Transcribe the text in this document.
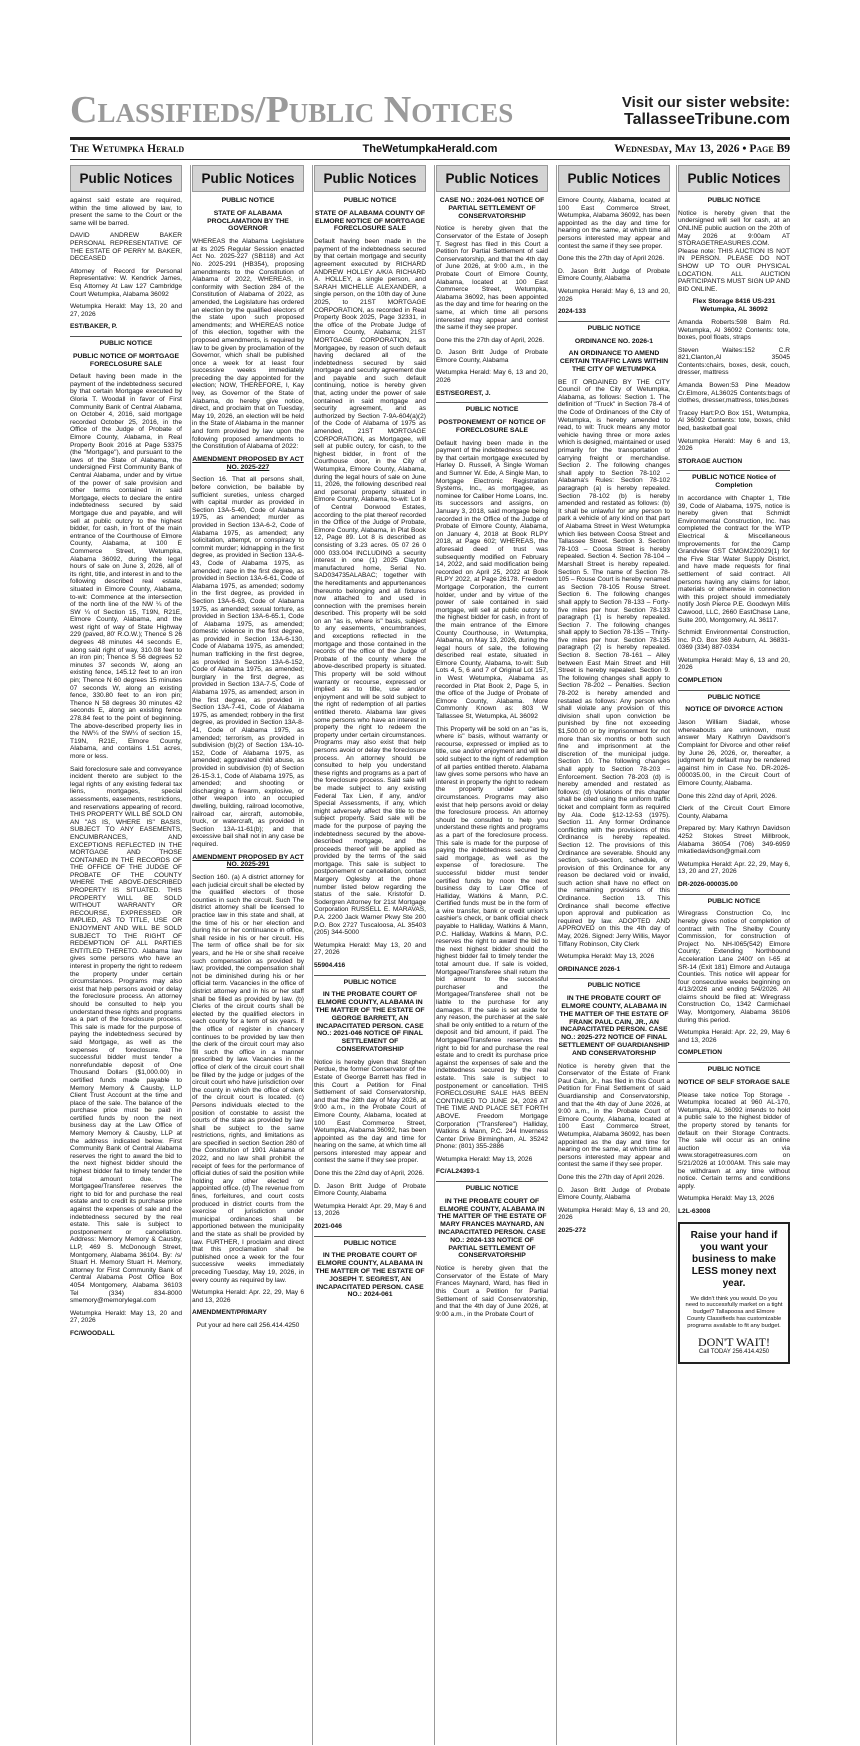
Classifieds/Public Notices	Visit our sister website:
TallasseeTribune.com
TheWetumpkaHerald.com
The Wetumpka Herald	Wednesday, May 13, 2026 • Page B9
Public Notices
against said estate are required, within the time allowed by law, to present the same to the Court or the same will be barred.
DAVID ANDREW BAKER PERSONAL REPRESENTATIVE OF THE ESTATE OF PERRY M. BAKER, DECEASED
Attorney of Record for Personal Representative: W. Kendrick James, Esq Attorney At Law 127 Cambridge Court Wetumpka, Alabama 36092
Wetumpka Herald: May 13, 20 and 27, 2026
EST/BAKER, P.
PUBLIC NOTICE
PUBLIC NOTICE OF MORTGAGE FORECLOSURE SALE
Default having been made in the payment of the indebtedness secured by that certain Mortgage executed by Gloria T. Woodall in favor of First Community Bank of Central Alabama, on October 4, 2016, said mortgage recorded October 25, 2016, in the Office of the Judge of Probate of Elmore County, Alabama, in Real Property Book 2016 at Page 53375 (the "Mortgage"), and pursuant to the laws of the State of Alabama, the undersigned First Community Bank of Central Alabama, under and by virtue of the power of sale provision and other terms contained in said Mortgage, elects to declare the entire indebtedness secured by said Mortgage due and payable, and will sell at public outcry to the highest bidder, for cash, in front of the main entrance of the Courthouse of Elmore County, Alabama, at 100 E Commerce Street, Wetumpka, Alabama 36092, during the legal hours of sale on June 3, 2026, all of its right, title, and interest in and to the following described real estate, situated in Elmore County, Alabama, to-wit: Commence at the intersection of the north line of the NW ¼ of the SW ¼ of Section 15, T19N, R21E, Elmore County, Alabama, and the west right of way of State Highway 229 (paved, 80' R.O.W.); Thence S 26 degrees 48 minutes 44 seconds E, along said right of way, 310.08 feet to an iron pin; Thence S 56 degrees 52 minutes 37 seconds W, along an existing fence, 145.12 feet to an iron pin; Thence N 60 degrees 15 minutes 07 seconds W, along an existing fence, 330.80 feet to an iron pin; Thence N 58 degrees 30 minutes 42 seconds E, along an existing fence 278.84 feet to the point of beginning. The above-described property lies in the NW¼ of the SW¼ of section 15, T19N, R21E, Elmore County, Alabama, and contains 1.51 acres, more or less.
Said foreclosure sale and conveyance incident thereto are subject to the legal rights of any existing federal tax liens, mortgages, special assessments, easements, restrictions, and reservations appearing of record. THIS PROPERTY WILL BE SOLD ON AN "AS IS, WHERE IS" BASIS, SUBJECT TO ANY EASEMENTS, ENCUMBRANCES, AND EXCEPTIONS REFLECTED IN THE MORTGAGE AND THOSE CONTAINED IN THE RECORDS OF THE OFFICE OF THE JUDGE OF PROBATE OF THE COUNTY WHERE THE ABOVE-DESCRIBED PROPERTY IS SITUATED. THIS PROPERTY WILL BE SOLD WITHOUT WARRANTY OR RECOURSE, EXPRESSED OR IMPLIED, AS TO TITLE, USE OR ENJOYMENT AND WILL BE SOLD SUBJECT TO THE RIGHT OF REDEMPTION OF ALL PARTIES ENTITLED THERETO. Alabama law gives some persons who have an interest in property the right to redeem the property under certain circumstances. Programs may also exist that help persons avoid or delay the foreclosure process. An attorney should be consulted to help you understand these rights and programs as a part of the foreclosure process. This sale is made for the purpose of paying the indebtedness secured by said Mortgage, as well as the expenses of foreclosure. The successful bidder must tender a nonrefundable deposit of One Thousand Dollars ($1,000.00) in certified funds made payable to Memory Memory & Causby, LLP Client Trust Account at the time and place of the sale. The balance of the purchase price must be paid in certified funds by noon the next business day at the Law Office of Memory Memory & Causby, LLP at the address indicated below. First Community Bank of Central Alabama reserves the right to award the bid to the next highest bidder should the highest bidder fail to timely tender the total amount due. The Mortgagee/Transferee reserves the right to bid for and purchase the real estate and to credit its purchase price against the expenses of sale and the indebtedness secured by the real estate. This sale is subject to postponement or cancellation. Address: Memory Memory & Causby, LLP, 469 S. McDonough Street, Montgomery, Alabama 36104. By: /s/ Stuart H. Memory Stuart H. Memory, attorney for First Community Bank of Central Alabama Post Office Box 4054 Montgomery, Alabama 36103 Tel (334) 834-8000 smemory@memorylegal.com
Wetumpka Herald: May 13, 20 and 27, 2026
FC/WOODALL
Public Notices
PUBLIC NOTICE
STATE OF ALABAMA PROCLAMATION BY THE GOVERNOR
WHEREAS the Alabama Legislature at its 2025 Regular Session enacted Act No. 2025-227 (SB118) and Act No. 2025-291 (HB354), proposing amendments to the Constitution of Alabama of 2022, WHEREAS, in conformity with Section 284 of the Constitution of Alabama of 2022, as amended, the Legislature has ordered an election by the qualified electors of the state upon such proposed amendments; and WHEREAS notice of this election, together with the proposed amendments, is required by law to be given by proclamation of the Governor, which shall be published once a week for at least four successive weeks immediately preceding the day appointed for the election; NOW, THEREFORE, I, Kay Ivey, as Governor of the State of Alabama, do hereby give notice, direct, and proclaim that on Tuesday, May 19, 2026, an election will be held in the State of Alabama in the manner and form provided by law upon the following proposed amendments to the Constitution of Alabama of 2022:
AMENDMENT PROPOSED BY ACT NO. 2025-227
Section 16. That all persons shall, before conviction, be bailable by sufficient sureties, unless charged with capital murder as provided in Section 13A-5-40, Code of Alabama 1975, as amended; murder as provided in Section 13A-6-2, Code of Alabama 1975, as amended; any solicitation, attempt, or conspiracy to commit murder; kidnapping in the first degree, as provided in Section 13A-6-43, Code of Alabama 1975, as amended; rape in the first degree, as provided in Section 13A-6-61, Code of Alabama 1975, as amended; sodomy in the first degree, as provided in Section 13A-6-63, Code of Alabama 1975, as amended; sexual torture, as provided in Section 13A-6-65.1, Code of Alabama 1975, as amended; domestic violence in the first degree, as provided in Section 13A-6-130, Code of Alabama 1975, as amended; human trafficking in the first degree, as provided in Section 13A-6-152, Code of Alabama 1975, as amended; burglary in the first degree, as provided in Section 13A-7-5, Code of Alabama 1975, as amended; arson in the first degree, as provided in Section 13A-7-41, Code of Alabama 1975, as amended; robbery in the first degree, as provided in Section 13A-8-41, Code of Alabama 1975, as amended; terrorism, as provided in subdivision (b)(2) of Section 13A-10-152, Code of Alabama 1975, as amended; aggravated child abuse, as provided in subdivision (b) of Section 26-15-3.1, Code of Alabama 1975, as amended; and shooting or discharging a firearm, explosive, or other weapon into an occupied dwelling, building, railroad locomotive, railroad car, aircraft, automobile, truck, or watercraft, as provided in Section 13A-11-61(b); and that excessive bail shall not in any case be required.
AMENDMENT PROPOSED BY ACT NO. 2025-291
Section 160. (a) A district attorney for each judicial circuit shall be elected by the qualified electors of those counties in such the circuit. Such The district attorney shall be licensed to practice law in this state and shall, at the time of his or her election and during his or her continuance in office, shall reside in his or her circuit. His The term of office shall be for six years, and he He or she shall receive such compensation as provided by law; provided, the compensation shall not be diminished during his or her official term. Vacancies in the office of district attorney and in his or her staff shall be filled as provided by law. (b) Clerks of the circuit courts shall be elected by the qualified electors in each county for a term of six years. If the office of register in chancery continues to be provided by law then the clerk of the circuit court may also fill such the office in a manner prescribed by law. Vacancies in the office of clerk of the circuit court shall be filled by the judge or judges of the circuit court who have jurisdiction over the county in which the office of clerk of the circuit court is located. (c) Persons individuals elected to the position of constable to assist the courts of the state as provided by law shall be subject to the same restrictions, rights, and limitations as are specified in section Section 280 of the Constitution of 1901 Alabama of 2022, and no law shall prohibit the receipt of fees for the performance of official duties of said the position while holding any other elected or appointed office. (d) The revenue from fines, forfeitures, and court costs produced in district courts from the exercise of jurisdiction under municipal ordinances shall be apportioned between the municipality and the state as shall be provided by law. FURTHER, I proclaim and direct that this proclamation shall be published once a week for the four successive weeks immediately preceding Tuesday, May 19, 2026, in every county as required by law.
Wetumpka Herald: Apr. 22, 29, May 6 and 13, 2026
AMENDMENT/PRIMARY
Put your ad here call 256.414.4250
Public Notices
PUBLIC NOTICE
STATE OF ALABAMA COUNTY OF ELMORE NOTICE OF MORTGAGE FORECLOSURE SALE
Default having been made in the payment of the indebtedness secured by that certain mortgage and security agreement executed by RICHARD ANDREW HOLLEY A/K/A RICHARD A. HOLLEY, a single person, and SARAH MICHELLE ALEXANDER, a single person, on the 10th day of June 2025, to 21ST MORTGAGE CORPORATION, as recorded in Real Property Book 2025, Page 32331, in the office of the Probate Judge of Elmore County, Alabama; 21ST MORTGAGE CORPORATION, as Mortgagee, by reason of such default having declared all of the indebtedness secured by said mortgage and security agreement due and payable and such default continuing, notice is hereby given that, acting under the power of sale contained in said mortgage and security agreement, and as authorized by Section 7-9A-604(a)(2) of the Code of Alabama of 1975 as amended, 21ST MORTGAGE CORPORATION, as Mortgagee, will sell at public outcry, for cash, to the highest bidder, in front of the Courthouse door, in the City of Wetumpka, Elmore County, Alabama, during the legal hours of sale on June 11, 2026, the following described real and personal property situated in Elmore County, Alabama, to-wit: Lot 8 of Central Dorwood Estates, according to the plat thereof recorded in the Office of the Judge of Probate, Elmore County, Alabama, in Plat Book 12, Page 89. Lot 8 is described as consisting of 3.23 acres. 05 07 26 0 000 033.004 INCLUDING a security interest in one (1) 2025 Clayton manufactured home, Serial No. SAD034735ALABAC; together with the hereditaments and appurtenances thereunto belonging and all fixtures now attached to and used in connection with the premises herein described. This property will be sold on an "as is, where is" basis, subject to any easements, encumbrances, and exceptions reflected in the mortgage and those contained in the records of the office of the Judge of Probate of the county where the above-described property is situated. This property will be sold without warranty or recourse, expressed or implied as to title, use and/or enjoyment and will be sold subject to the right of redemption of all parties entitled thereto. Alabama law gives some persons who have an interest in property the right to redeem the property under certain circumstances. Programs may also exist that help persons avoid or delay the foreclosure process. An attorney should be consulted to help you understand these rights and programs as a part of the foreclosure process. Said sale will be made subject to any existing Federal Tax Lien, if any, and/or Special Assessments, if any, which might adversely affect the title to the subject property. Said sale will be made for the purpose of paying the indebtedness secured by the above-described mortgage, and the proceeds thereof will be applied as provided by the terms of the said mortgage. This sale is subject to postponement or cancellation, contact Margery Oglesby at the phone number listed below regarding the status of the sale. Kristofor D. Sodergren Attorney for 21st Mortgage Corporation RUSSELL E. MARAVAS, P.A. 2200 Jack Warner Pkwy Ste 200 P.O. Box 2727 Tuscaloosa, AL 35403 (205) 344-5000
Wetumpka Herald: May 13, 20 and 27, 2026
55904.416
PUBLIC NOTICE
IN THE PROBATE COURT OF ELMORE COUNTY, ALABAMA IN THE MATTER OF THE ESTATE OF GEORGE BARRETT, AN INCAPACITATED PERSON. CASE NO.: 2021-046 NOTICE OF FINAL SETTLEMENT OF CONSERVATORSHIP
Notice is hereby given that Stephen Perdue, the former Conservator of the Estate of George Barrett has filed in this Court a Petition for Final Settlement of said Conservatorship, and that the 28th day of May 2026, at 9:00 a.m., in the Probate Court of Elmore County, Alabama, located at 100 East Commerce Street, Wetumpka, Alabama 36092, has been appointed as the day and time for hearing on the same, at which time all persons interested may appear and contest the same if they see proper.
Done this the 22nd day of April, 2026.
D. Jason Britt Judge of Probate Elmore County, Alabama
Wetumpka Herald: Apr. 29, May 6 and 13, 2026
2021-046
PUBLIC NOTICE
IN THE PROBATE COURT OF ELMORE COUNTY, ALABAMA IN THE MATTER OF THE ESTATE OF JOSEPH T. SEGREST, AN INCAPACITATED PERSON. CASE NO.: 2024-061
Public Notices
CASE NO.: 2024-061 NOTICE OF PARTIAL SETTLEMENT OF CONSERVATORSHIP
Notice is hereby given that the Conservator of the Estate of Joseph T. Segrest has filed in this Court a Petition for Partial Settlement of said Conservatorship, and that the 4th day of June 2026, at 9:00 a.m., in the Probate Court of Elmore County, Alabama, located at 100 East Commerce Street, Wetumpka, Alabama 36092, has been appointed as the day and time for hearing on the same, at which time all persons interested may appear and contest the same if they see proper.
Done this the 27th day of April, 2026.
D. Jason Britt Judge of Probate Elmore County, Alabama
Wetumpka Herald: May 6, 13 and 20, 2026
EST/SEGREST, J.
PUBLIC NOTICE
POSTPONEMENT OF NOTICE OF FORECLOSURE SALE
Default having been made in the payment of the indebtedness secured by that certain mortgage executed by Harley D. Russell, A Single Woman and Sumner W. Ede, A Single Man, to Mortgage Electronic Registration Systems, Inc., as mortgagee, as nominee for Caliber Home Loans, Inc. its successors and assigns, on January 3, 2018, said mortgage being recorded in the Office of the Judge of Probate of Elmore County, Alabama, on January 4, 2018 at Book RLPY 2018, at Page 602; WHEREAS, the aforesaid deed of trust was subsequently modified on February 14, 2022, and said modification being recorded on April 25, 2022 at Book RLPY 2022, at Page 26178. Freedom Mortgage Corporation, the current holder, under and by virtue of the power of sale contained in said mortgage, will sell at public outcry to the highest bidder for cash, in front of the main entrance of the Elmore County Courthouse, in Wetumpka, Alabama, on May 13, 2026, during the legal hours of sale, the following described real estate, situated in Elmore County, Alabama, to-wit: Sub Lots 4, 5, 6 and 7 of Original Lot 157, in West Wetumpka, Alabama as recorded in Plat Book 2, Page 5, in the office of the Judge of Probate of Elmore County, Alabama. More Commonly Known as: 803 W Tallassee St, Wetumpka, AL 36092
This Property will be sold on an "as is, where is" basis, without warranty or recourse, expressed or implied as to title, use and/or enjoyment and will be sold subject to the right of redemption of all parties entitled thereto. Alabama law gives some persons who have an interest in property the right to redeem the property under certain circumstances. Programs may also exist that help persons avoid or delay the foreclosure process. An attorney should be consulted to help you understand these rights and programs as a part of the foreclosure process. This sale is made for the purpose of paying the indebtedness secured by said mortgage, as well as the expense of foreclosure. The successful bidder must tender certified funds by noon the next business day to Law Office of Halliday, Watkins & Mann, P.C. Certified funds must be in the form of a wire transfer, bank or credit union's cashier's check, or bank official check payable to Halliday, Watkins & Mann, P.C. Halliday, Watkins & Mann, P.C. reserves the right to award the bid to the next highest bidder should the highest bidder fail to timely tender the total amount due. If sale is voided, Mortgagee/Transferee shall return the bid amount to the successful purchaser and the Mortgagee/Transferee shall not be liable to the purchase for any damages. If the sale is set aside for any reason, the purchaser at the sale shall be only entitled to a return of the deposit and bid amount, if paid. The Mortgagee/Transferee reserves the right to bid for and purchase the real estate and to credit its purchase price against the expenses of sale and the indebtedness secured by the real estate. This sale is subject to postponement or cancellation. THIS FORECLOSURE SALE HAS BEEN CONTINUED TO JUNE 24, 2026 AT THE TIME AND PLACE SET FORTH ABOVE. Freedom Mortgage Corporation ("Transferee") Halliday, Watkins & Mann, P.C. 244 Inverness Center Drive Birmingham, AL 35242 Phone: (801) 355-2886
Wetumpka Herald: May 13, 2026
FC/AL24393-1
PUBLIC NOTICE
IN THE PROBATE COURT OF ELMORE COUNTY, ALABAMA IN THE MATTER OF THE ESTATE OF MARY FRANCES MAYNARD, AN INCAPACITATED PERSON. CASE NO.: 2024-133 NOTICE OF PARTIAL SETTLEMENT OF CONSERVATORSHIP
Notice is hereby given that the Conservator of the Estate of Mary Frances Maynard, Ward, has filed in this Court a Petition for Partial Settlement of said Conservatorship, and that the 4th day of June 2026, at 9:00 a.m., in the Probate Court of
Public Notices
Elmore County, Alabama, located at 100 East Commerce Street, Wetumpka, Alabama 36092, has been appointed as the day and time for hearing on the same, at which time all persons interested may appear and contest the same if they see proper.
Done this the 27th day of April 2026.
D. Jason Britt Judge of Probate Elmore County, Alabama
Wetumpka Herald: May 6, 13 and 20, 2026
2024-133
PUBLIC NOTICE
ORDINANCE NO. 2026-1
AN ORDINANCE TO AMEND CERTAIN TRAFFIC LAWS WITHIN THE CITY OF WETUMPKA
BE IT ORDAINED BY THE CITY Council of the City of Wetumpka, Alabama, as follows: Section 1. The definition of "Truck" in Section 78-4 of the Code of Ordinances of the City of Wetumpka, is hereby amended to read, to wit: Truck means any motor vehicle having three or more axles which is designed, maintained or used primarily for the transportation of carrying freight or merchandise. Section 2. The following changes shall apply to Section 78-102 – Alabama's Rules: Section 78-102 paragraph (a) is hereby repealed. Section 78-102 (b) is hereby amended and restated as follows: (b) It shall be unlawful for any person to park a vehicle of any kind on that part of Alabama Street in West Wetumpka which lies between Coosa Street and Tallassee Street. Section 3. Section 78-103 – Coosa Street is hereby repealed. Section 4. Section 78-104 – Marshall Street is hereby repealed. Section 5. The name of Section 78-105 – Rouse Court is hereby renamed as Section 78-105 Rouse Street. Section 6. The following changes shall apply to Section 78-133 – Forty-five miles per hour. Section 78-133 paragraph (1) is hereby repealed. Section 7. The following changes shall apply to Section 78-135 – Thirty-five miles per hour. Section 78-135 paragraph (2) is hereby repealed. Section 8. Section 78-161 – Alley between East Main Street and Hill Street is hereby repealed. Section 9. The following changes shall apply to Section 78-202 – Penalties. Section 78-202 is hereby amended and restated as follows: Any person who shall violate any provision of this division shall upon conviction be punished by fine not exceeding $1,500.00 or by imprisonment for not more than six months or both such fine and imprisonment at the discretion of the municipal judge. Section 10. The following changes shall apply to Section 78-203 – Enforcement. Section 78-203 (d) is hereby amended and restated as follows: (d) Violations of this chapter shall be cited using the uniform traffic ticket and complaint form as required by Ala. Code §12-12-53 (1975). Section 11. Any former Ordinance conflicting with the provisions of this Ordinance is hereby repealed. Section 12. The provisions of this Ordinance are severable. Should any section, sub-section, schedule, or provision of this Ordinance for any reason be declared void or invalid, such action shall have no effect on the remaining provisions of this Ordinance. Section 13. This Ordinance shall become effective upon approval and publication as required by law. ADOPTED AND APPROVED on this the 4th day of May, 2026. Signed: Jerry Willis, Mayor Tiffany Robinson, City Clerk
Wetumpka Herald: May 13, 2026
ORDINANCE 2026-1
PUBLIC NOTICE
IN THE PROBATE COURT OF ELMORE COUNTY, ALABAMA IN THE MATTER OF THE ESTATE OF FRANK PAUL CAIN, JR., AN INCAPACITATED PERSON. CASE NO.: 2025-272 NOTICE OF FINAL SETTLEMENT OF GUARDIANSHIP AND CONSERVATORSHIP
Notice is hereby given that the Conservator of the Estate of Frank Paul Cain, Jr., has filed in this Court a Petition for Final Settlement of said Guardianship and Conservatorship, and that the 4th day of June 2026, at 9:00 a.m., in the Probate Court of Elmore County, Alabama, located at 100 East Commerce Street, Wetumpka, Alabama 36092, has been appointed as the day and time for hearing on the same, at which time all persons interested may appear and contest the same if they see proper.
Done this the 27th day of April 2026.
D. Jason Britt Judge of Probate Elmore County, Alabama
Wetumpka Herald: May 6, 13 and 20, 2026
2025-272
Public Notices
PUBLIC NOTICE
Notice is hereby given that the undersigned will sell for cash, at an ONLINE public auction on the 20th of May 2026 at 9:00am AT STORAGETREASURES.COM. Please note: THIS AUCTION IS NOT IN PERSON. PLEASE DO NOT SHOW UP TO OUR PHYSICAL LOCATION. ALL AUCTION PARTICIPANTS MUST SIGN UP AND BID ONLINE.
Flex Storage 8416 US-231 Wetumpka, AL 36092
Amanda Roberts:598 Balm Rd. Wetumpka, Al 36092 Contents: tote, boxes, pool floats, straps
Steven Waites:152 C.R 821,Clanton,Al 35045 Contents:chairs, boxes, desk, couch, dresser, mattress
Amanda Bowen:53 Pine Meadow Cr.Elmore, AL36025 Contents:bags of clothes, dresser,mattress, totes,boxes
Tracey Hart:P.O Box 151, Wetumpka, Al 36092 Contents: tote, boxes, child bed, basketball goal
Wetumpka Herald: May 6 and 13, 2026
STORAGE AUCTION
PUBLIC NOTICE Notice of Completion
In accordance with Chapter 1, Title 39, Code of Alabama, 1975, notice is hereby given that Schmidt Environmental Construction, Inc. has completed the contract for the WTP Electrical & Miscellaneous Improvements for the Camp Grandview GST CMGM220029(1) for the Five Star Water Supply District, and have made requests for final settlement of said contract. All persons having any claims for labor, materials or otherwise in connection with this project should immediately notify Josh Pierce P.E. Goodwyn Mills Cawood, LLC, 2660 EastChase Lane, Suite 200, Montgomery, AL 36117.
Schmidt Environmental Construction, Inc. P.O. Box 369 Auburn, AL 36831-0369 (334) 887-0334
Wetumpka Herald: May 6, 13 and 20, 2026
COMPLETION
PUBLIC NOTICE
NOTICE OF DIVORCE ACTION
Jason William Siadak, whose whereabouts are unknown, must answer Mary Kathryn Davidson's Complaint for Divorce and other relief by June 26, 2026, or, thereafter, a judgment by default may be rendered against him in Case No. DR-2026-000035.00, in the Circuit Court of Elmore County, Alabama.
Done this 22nd day of April, 2026.
Clerk of the Circuit Court Elmore County, Alabama
Prepared by: Mary Kathryn Davidson 4252 Stokes Street Millbrook, Alabama 36054 (706) 349-6959 mkatiedavidson@gmail.com
Wetumpka Herald: Apr. 22, 29, May 6, 13, 20 and 27, 2026
DR-2026-000035.00
PUBLIC NOTICE
Wiregrass Construction Co, Inc hereby gives notice of completion of contract with The Shelby County Commission, for construction of Project No. NH-I065(542) Elmore County; Extending Northbound Acceleration Lane 2400' on I-65 at SR-14 (Exit 181) Elmore and Autauga Counties. This notice will appear for four consecutive weeks beginning on 4/13/2026 and ending 5/4/2026. All claims should be filed at: Wiregrass Construction Co, 1342 Carmichael Way, Montgomery, Alabama 36106 during this period.
Wetumpka Herald: Apr. 22, 29, May 6 and 13, 2026
COMPLETION
PUBLIC NOTICE
NOTICE OF SELF STORAGE SALE
Please take notice Top Storage - Wetumpka located at 960 AL-170, Wetumpka, AL 36092 intends to hold a public sale to the highest bidder of the property stored by tenants for default on their Storage Contracts. The sale will occur as an online auction via www.storagetreasures.com on 5/21/2026 at 10:00AM. This sale may be withdrawn at any time without notice. Certain terms and conditions apply.
Wetumpka Herald: May 13, 2026
L2L-63008
Raise your hand if you want your business to make LESS money next year.
We didn't think you would. Do you need to successfully market on a tight budget? Tallapoosa and Elmore County Classifieds has customizable programs available to fit any budget.
DON'T WAIT!
Call TODAY 256.414.4250
